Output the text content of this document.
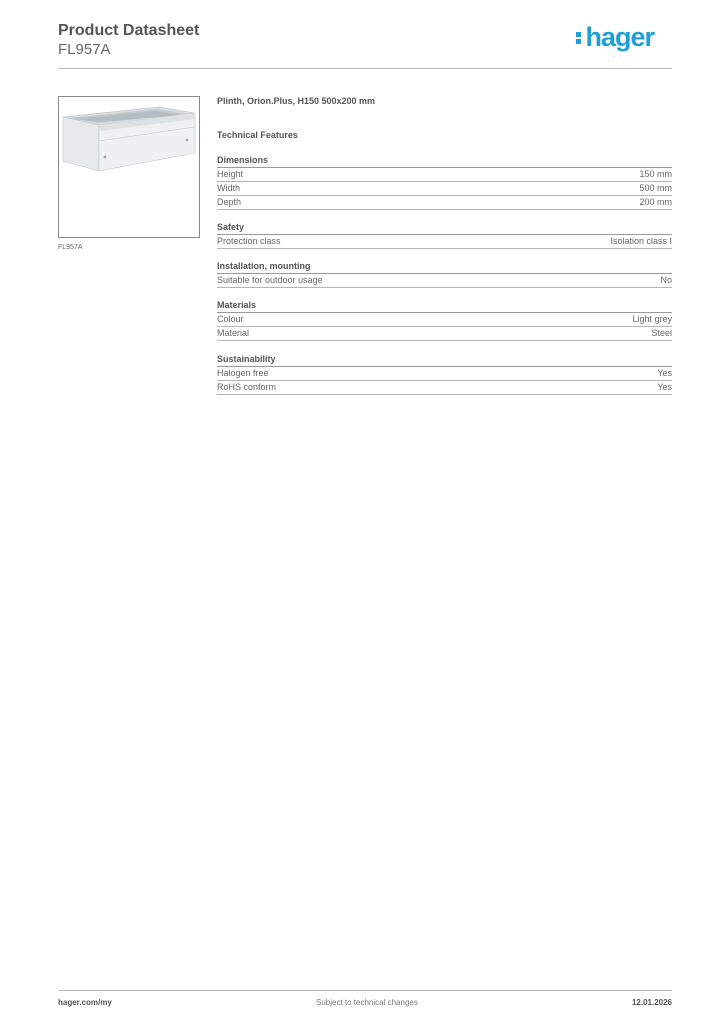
Product Datasheet
FL957A	hager
FL957A
Plinth, Orion.Plus, H150 500x200 mm
Technical Features
Dimensions
Height	150 mm
Width	500 mm
Depth	200 mm
Safety
Protection class	Isolation class I
Installation, mounting
Suitable for outdoor usage	No
Materials
Colour	Light grey
Material	Steel
Sustainability
Halogen free	Yes
RoHS conform	Yes
hager.com/my	Subject to technical changes	12.01.2026
